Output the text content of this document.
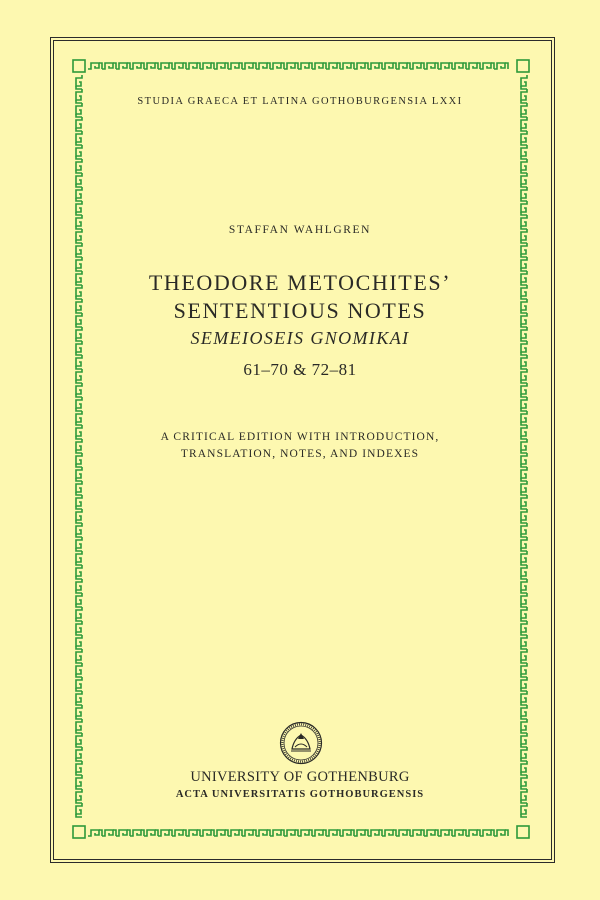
STUDIA GRAECA ET LATINA GOTHOBURGENSIA LXXI
STAFFAN WAHLGREN
THEODORE METOCHITES’
SENTENTIOUS NOTES
SEMEIOSEIS GNOMIKAI
61–70 & 72–81
A CRITICAL EDITION WITH INTRODUCTION,
TRANSLATION, NOTES, AND INDEXES
UNIVERSITY OF GOTHENBURG
ACTA UNIVERSITATIS GOTHOBURGENSIS
